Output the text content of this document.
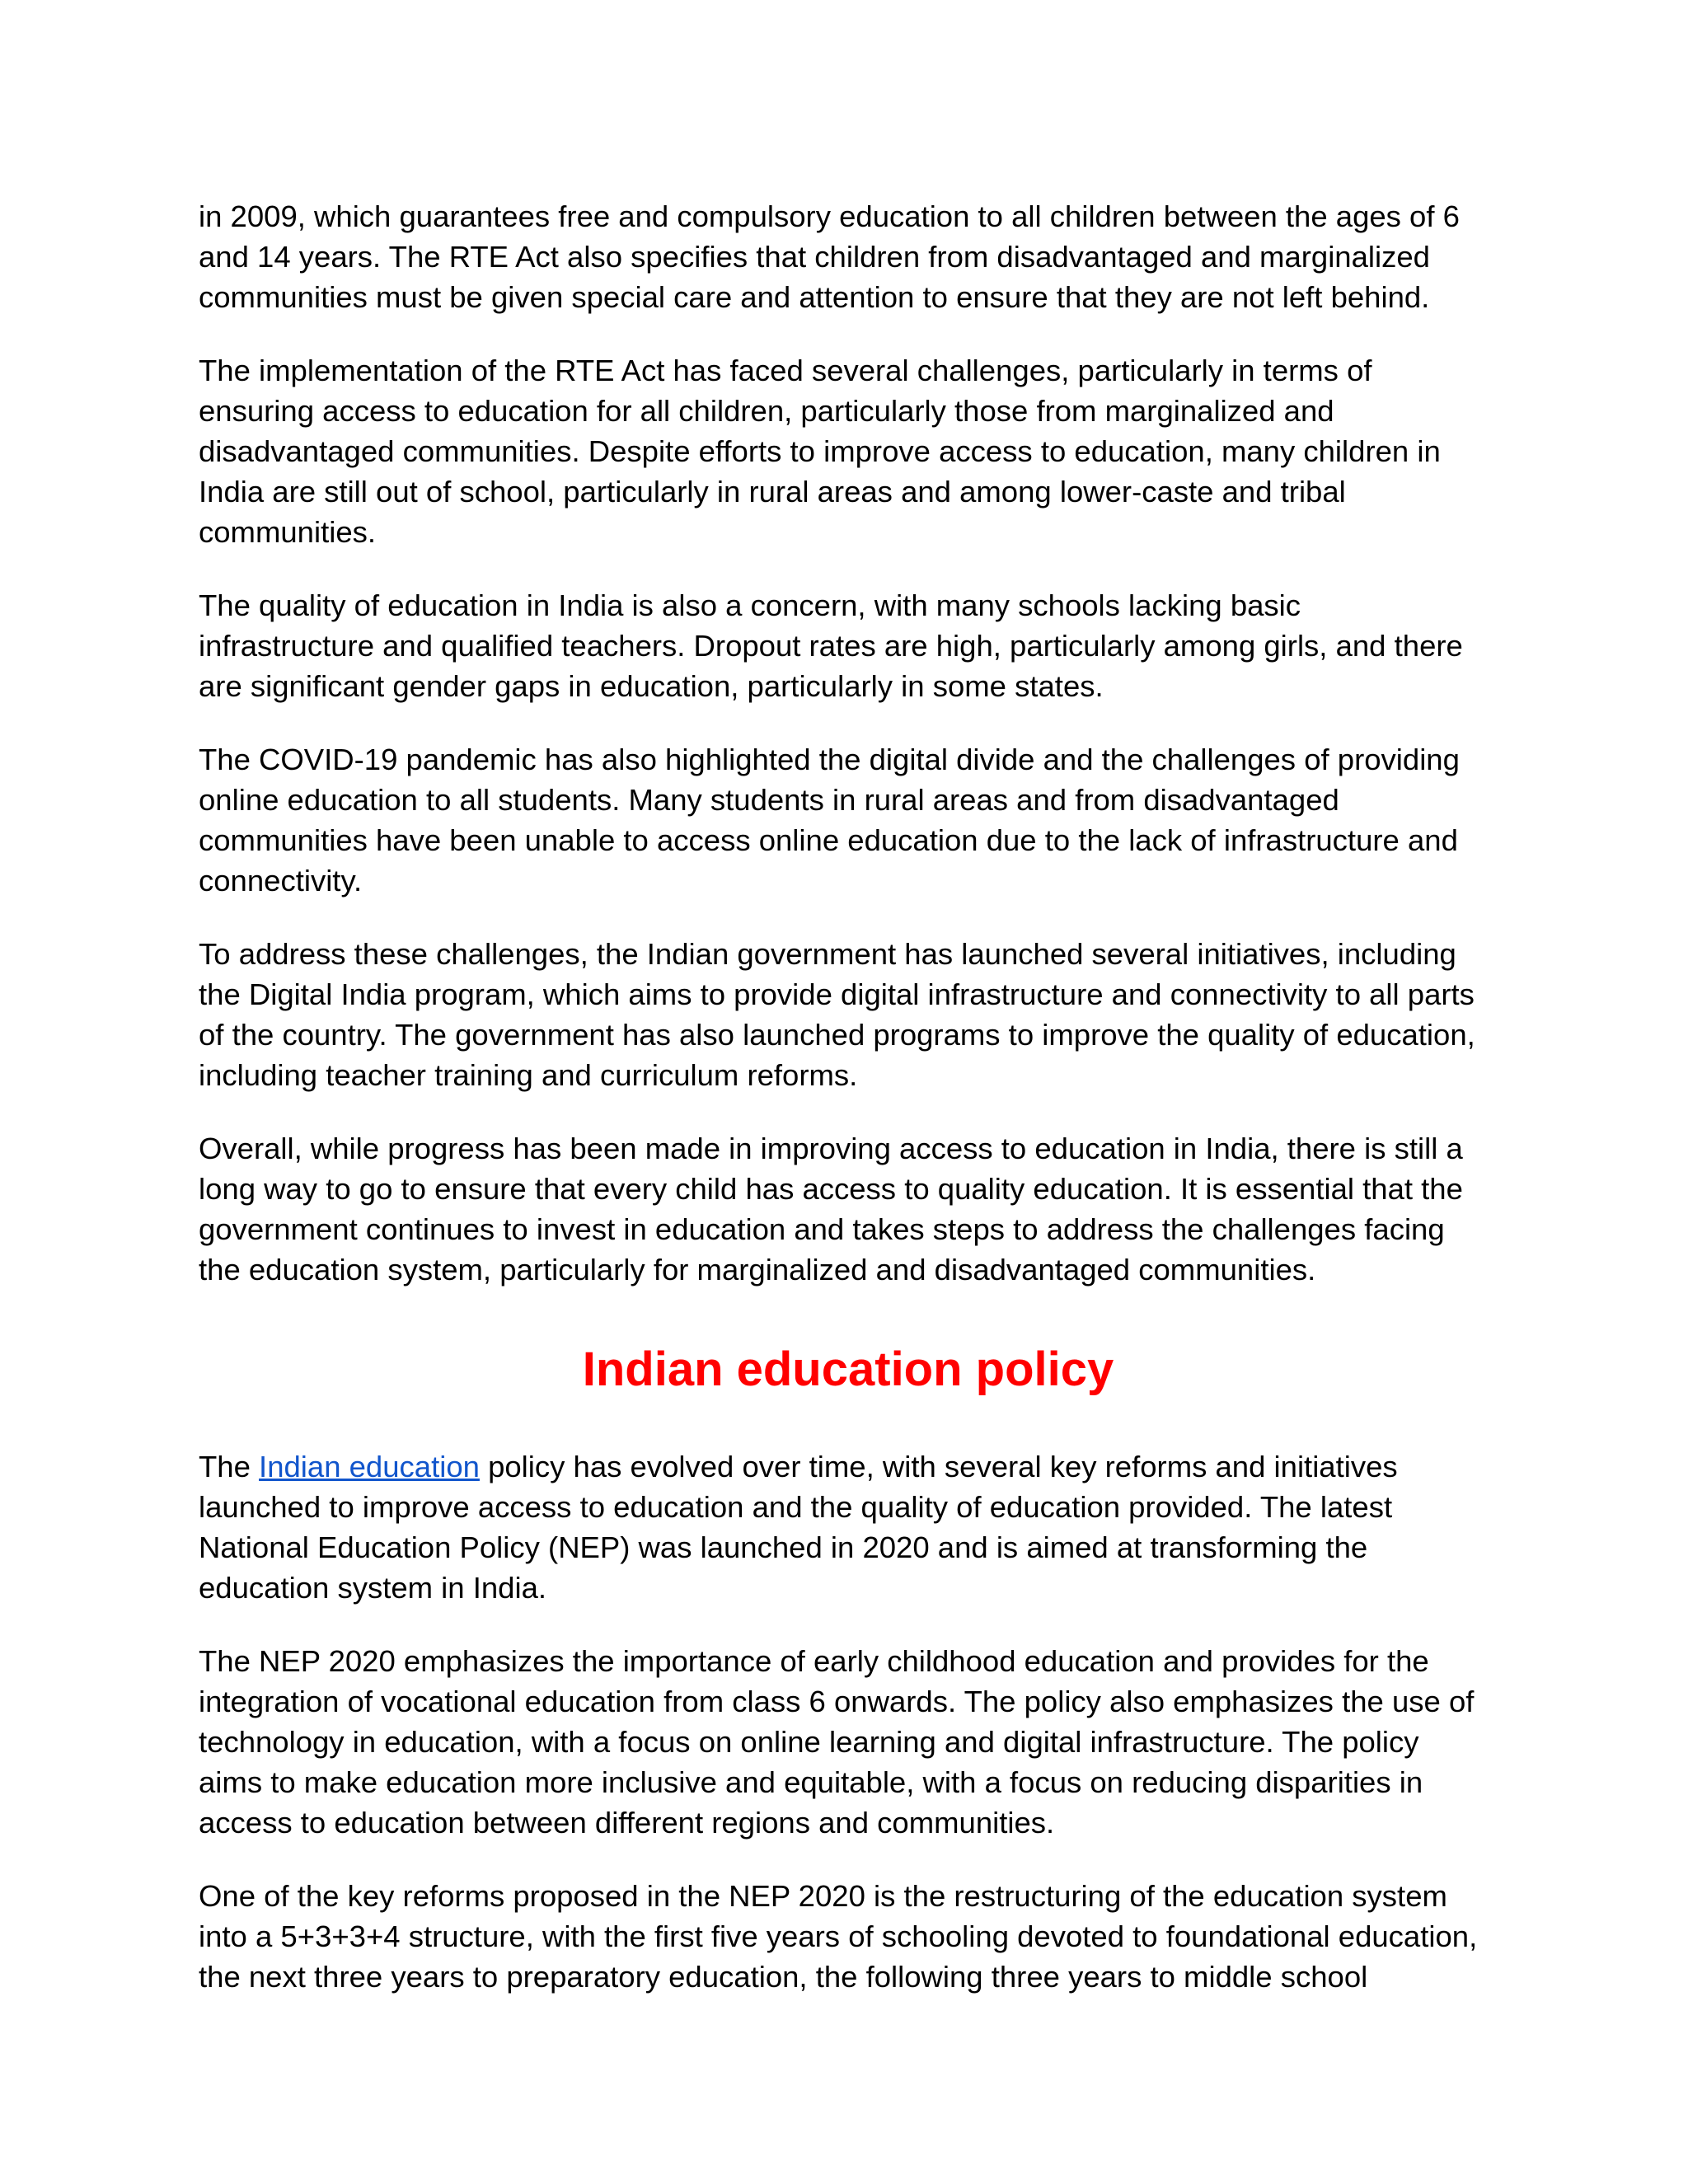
in 2009, which guarantees free and compulsory education to all children between the ages of 6
and 14 years. The RTE Act also specifies that children from disadvantaged and marginalized
communities must be given special care and attention to ensure that they are not left behind.

The implementation of the RTE Act has faced several challenges, particularly in terms of
ensuring access to education for all children, particularly those from marginalized and
disadvantaged communities. Despite efforts to improve access to education, many children in
India are still out of school, particularly in rural areas and among lower-caste and tribal
communities.

The quality of education in India is also a concern, with many schools lacking basic
infrastructure and qualified teachers. Dropout rates are high, particularly among girls, and there
are significant gender gaps in education, particularly in some states.

The COVID-19 pandemic has also highlighted the digital divide and the challenges of providing
online education to all students. Many students in rural areas and from disadvantaged
communities have been unable to access online education due to the lack of infrastructure and
connectivity.

To address these challenges, the Indian government has launched several initiatives, including
the Digital India program, which aims to provide digital infrastructure and connectivity to all parts
of the country. The government has also launched programs to improve the quality of education,
including teacher training and curriculum reforms.

Overall, while progress has been made in improving access to education in India, there is still a
long way to go to ensure that every child has access to quality education. It is essential that the
government continues to invest in education and takes steps to address the challenges facing
the education system, particularly for marginalized and disadvantaged communities.

Indian education policy

The Indian education policy has evolved over time, with several key reforms and initiatives
launched to improve access to education and the quality of education provided. The latest
National Education Policy (NEP) was launched in 2020 and is aimed at transforming the
education system in India.

The NEP 2020 emphasizes the importance of early childhood education and provides for the
integration of vocational education from class 6 onwards. The policy also emphasizes the use of
technology in education, with a focus on online learning and digital infrastructure. The policy
aims to make education more inclusive and equitable, with a focus on reducing disparities in
access to education between different regions and communities.

One of the key reforms proposed in the NEP 2020 is the restructuring of the education system
into a 5+3+3+4 structure, with the first five years of schooling devoted to foundational education,
the next three years to preparatory education, the following three years to middle school
